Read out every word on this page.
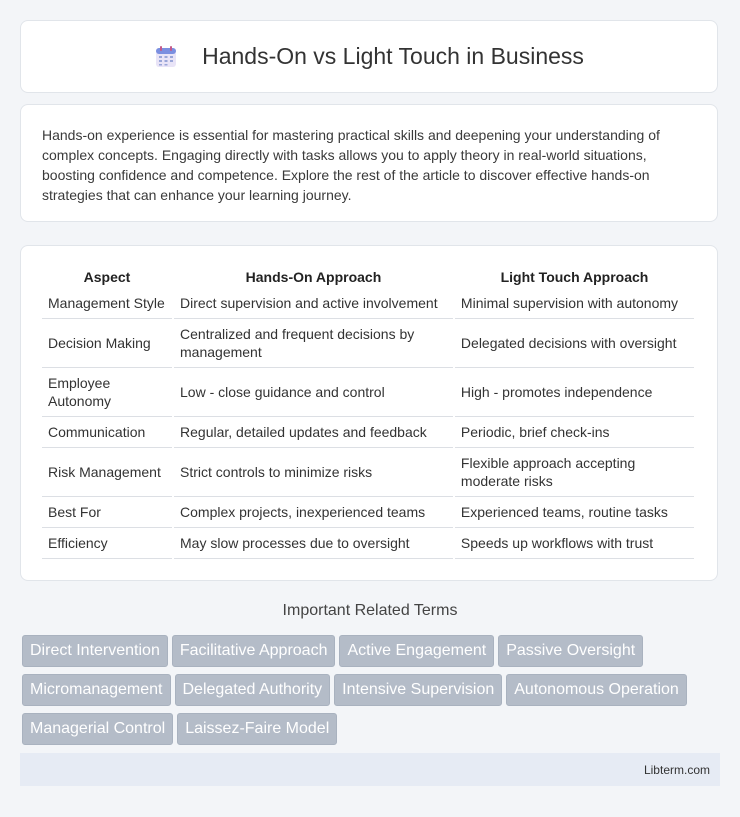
Hands-On vs Light Touch in Business

Hands-on experience is essential for mastering practical skills and deepening your understanding of complex concepts. Engaging directly with tasks allows you to apply theory in real-world situations, boosting confidence and competence. Explore the rest of the article to discover effective hands-on strategies that can enhance your learning journey.

Aspect	Hands-On Approach	Light Touch Approach
Management Style	Direct supervision and active involvement	Minimal supervision with autonomy
Decision Making	Centralized and frequent decisions by management	Delegated decisions with oversight
Employee Autonomy	Low - close guidance and control	High - promotes independence
Communication	Regular, detailed updates and feedback	Periodic, brief check-ins
Risk Management	Strict controls to minimize risks	Flexible approach accepting moderate risks
Best For	Complex projects, inexperienced teams	Experienced teams, routine tasks
Efficiency	May slow processes due to oversight	Speeds up workflows with trust
Important Related Terms
Direct Intervention Facilitative Approach Active Engagement Passive Oversight
Micromanagement Delegated Authority Intensive Supervision Autonomous Operation
Managerial Control Laissez-Faire Model
Libterm.com
